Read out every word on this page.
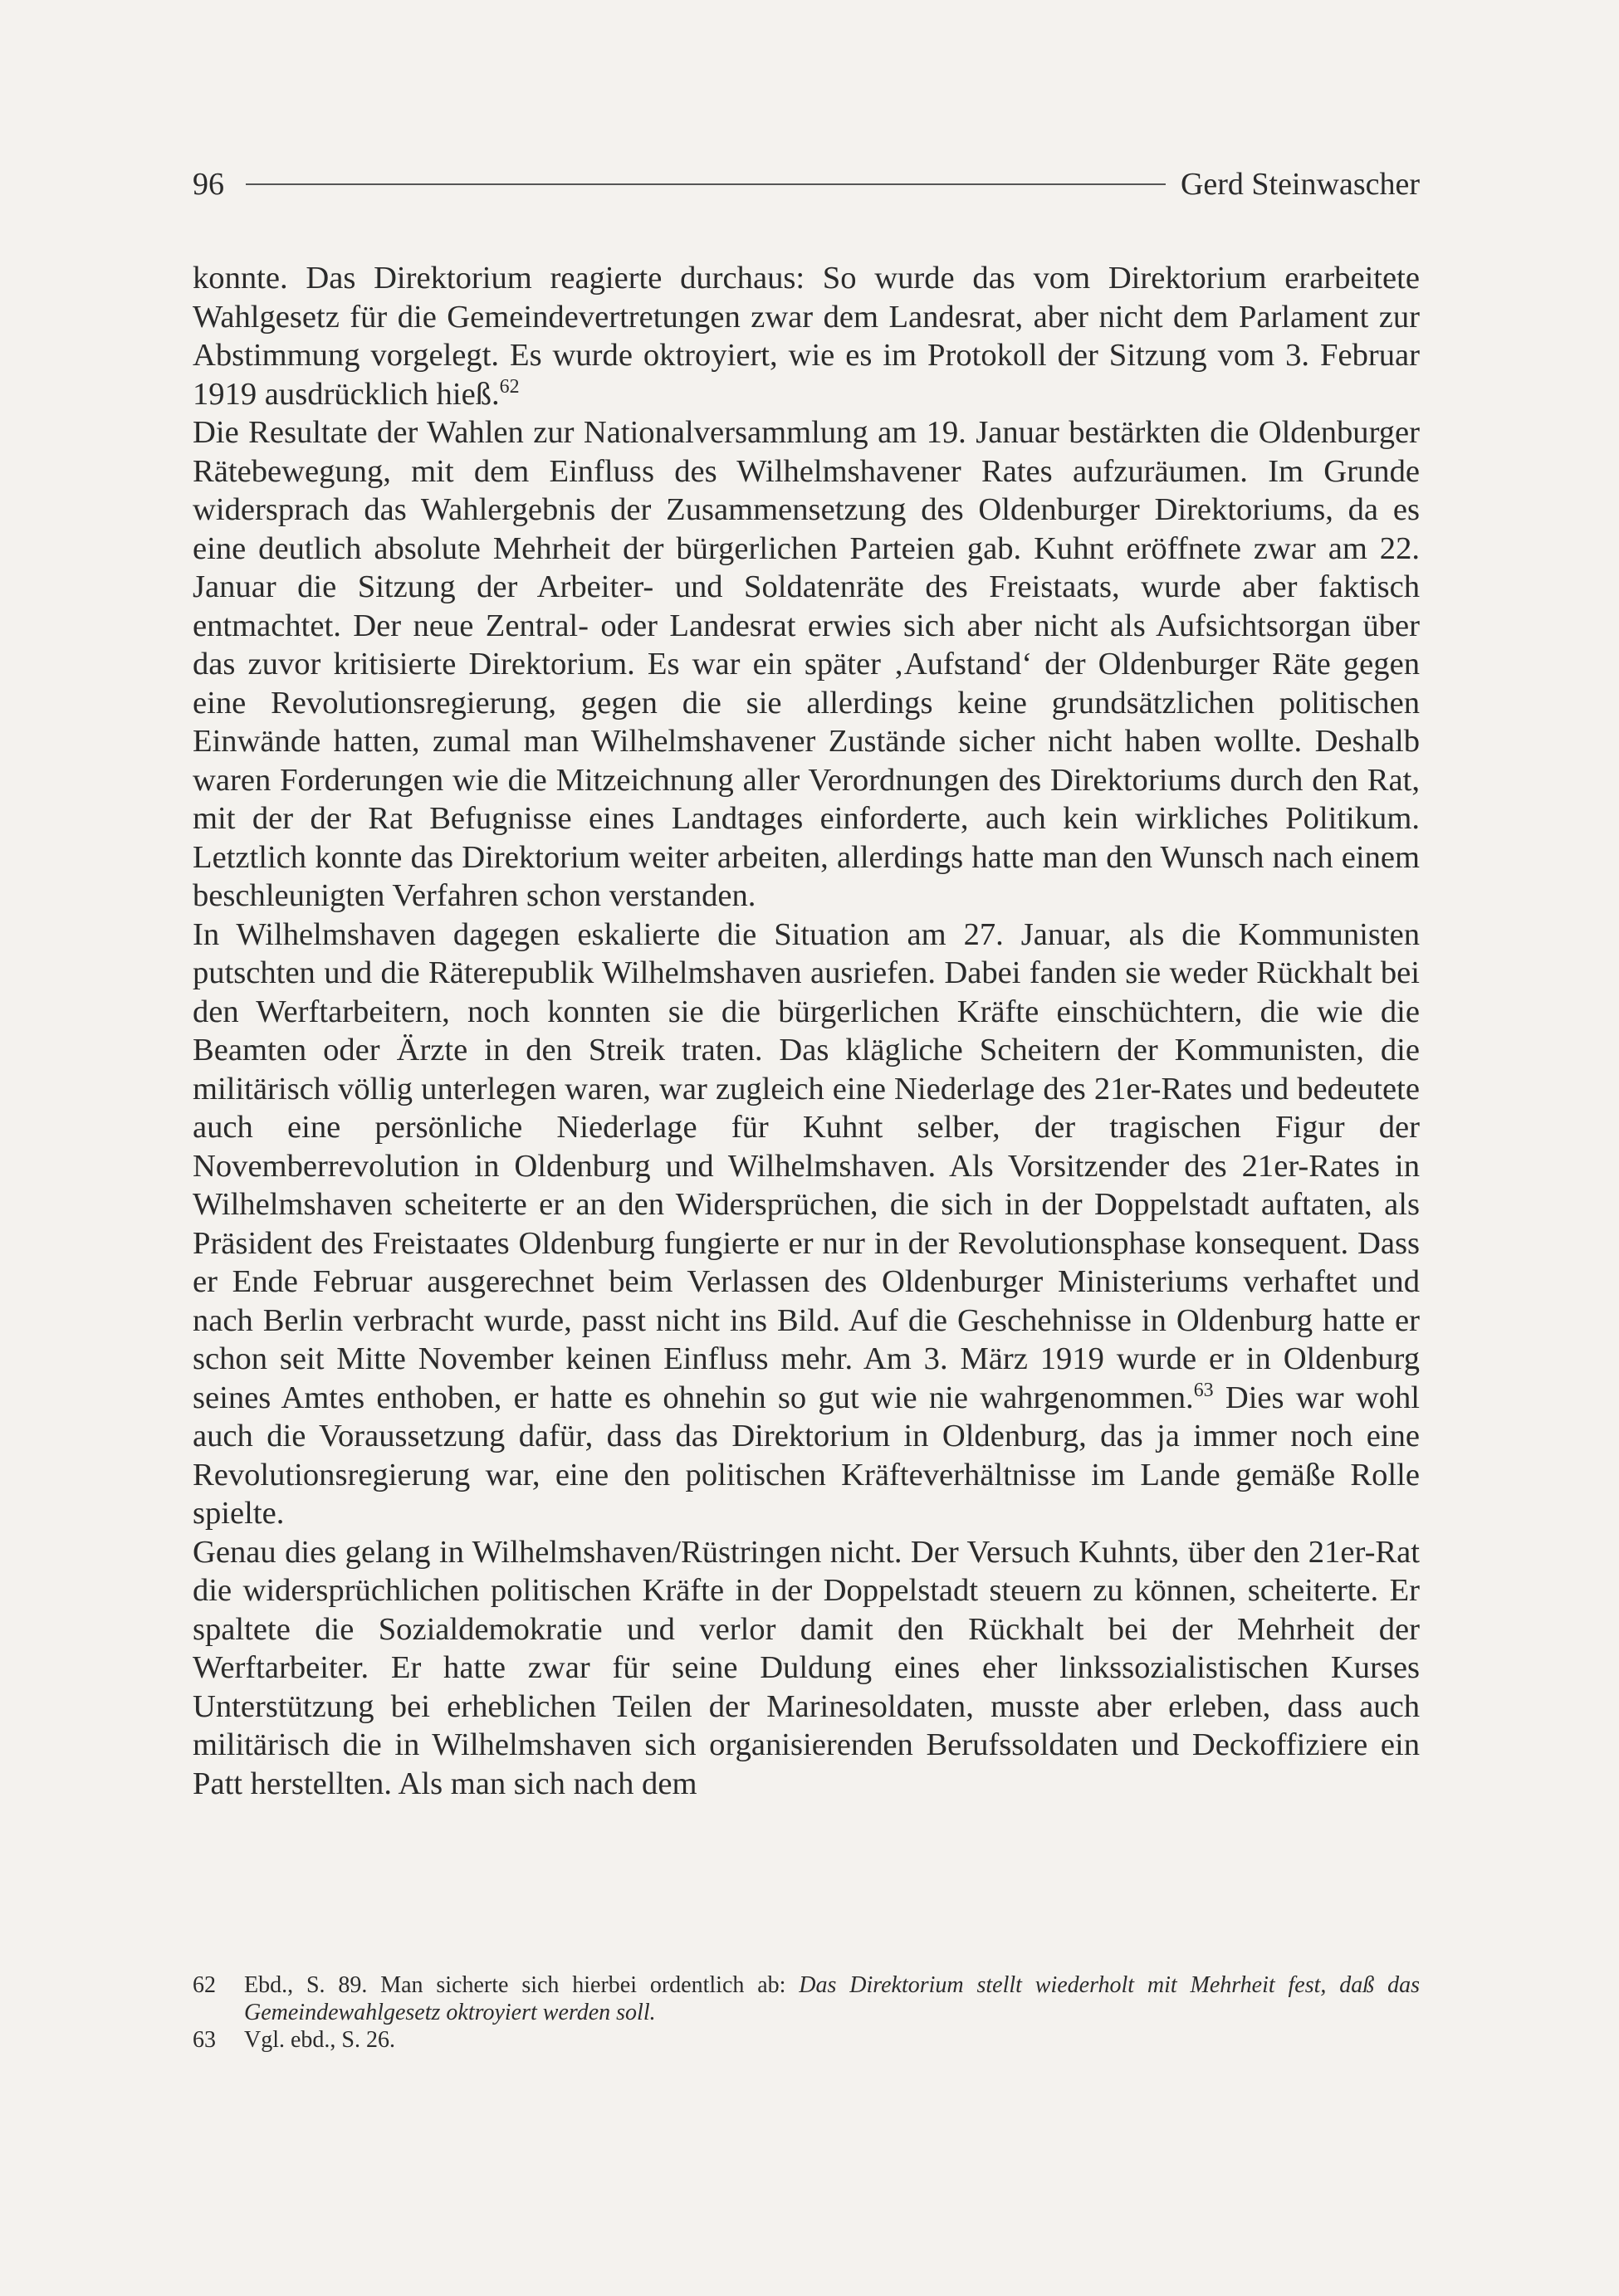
96	Gerd Steinwascher

konnte. Das Direktorium reagierte durchaus: So wurde das vom Direktorium erarbeitete Wahlgesetz für die Gemeindevertretungen zwar dem Landesrat, aber nicht dem Parlament zur Abstimmung vorgelegt. Es wurde oktroyiert, wie es im Protokoll der Sitzung vom 3. Februar 1919 ausdrücklich hieß.$^{62}$

Die Resultate der Wahlen zur Nationalversammlung am 19. Januar bestärkten die Oldenburger Rätebewegung, mit dem Einfluss des Wilhelmshavener Rates aufzuräumen. Im Grunde widersprach das Wahlergebnis der Zusammensetzung des Oldenburger Direktoriums, da es eine deutlich absolute Mehrheit der bürgerlichen Parteien gab. Kuhnt eröffnete zwar am 22. Januar die Sitzung der Arbeiter- und Soldatenräte des Freistaats, wurde aber faktisch entmachtet. Der neue Zentral- oder Landesrat erwies sich aber nicht als Aufsichtsorgan über das zuvor kritisierte Direktorium. Es war ein später ‚Aufstand‘ der Oldenburger Räte gegen eine Revolutionsregierung, gegen die sie allerdings keine grundsätzlichen politischen Einwände hatten, zumal man Wilhelmshavener Zustände sicher nicht haben wollte. Deshalb waren Forderungen wie die Mitzeichnung aller Verordnungen des Direktoriums durch den Rat, mit der der Rat Befugnisse eines Landtages einforderte, auch kein wirkliches Politikum. Letztlich konnte das Direktorium weiter arbeiten, allerdings hatte man den Wunsch nach einem beschleunigten Verfahren schon verstanden.

In Wilhelmshaven dagegen eskalierte die Situation am 27. Januar, als die Kommunisten putschten und die Räterepublik Wilhelmshaven ausriefen. Dabei fanden sie weder Rückhalt bei den Werftarbeitern, noch konnten sie die bürgerlichen Kräfte einschüchtern, die wie die Beamten oder Ärzte in den Streik traten. Das klägliche Scheitern der Kommunisten, die militärisch völlig unterlegen waren, war zugleich eine Niederlage des 21er-Rates und bedeutete auch eine persönliche Niederlage für Kuhnt selber, der tragischen Figur der Novemberrevolution in Oldenburg und Wilhelmshaven. Als Vorsitzender des 21er-Rates in Wilhelmshaven scheiterte er an den Widersprüchen, die sich in der Doppelstadt auftaten, als Präsident des Freistaates Oldenburg fungierte er nur in der Revolutionsphase konsequent. Dass er Ende Februar ausgerechnet beim Verlassen des Oldenburger Ministeriums verhaftet und nach Berlin verbracht wurde, passt nicht ins Bild. Auf die Geschehnisse in Oldenburg hatte er schon seit Mitte November keinen Einfluss mehr. Am 3. März 1919 wurde er in Oldenburg seines Amtes enthoben, er hatte es ohnehin so gut wie nie wahrgenommen.$^{63}$ Dies war wohl auch die Voraussetzung dafür, dass das Direktorium in Oldenburg, das ja immer noch eine Revolutionsregierung war, eine den politischen Kräfteverhältnisse im Lande gemäße Rolle spielte.

Genau dies gelang in Wilhelmshaven/Rüstringen nicht. Der Versuch Kuhnts, über den 21er-Rat die widersprüchlichen politischen Kräfte in der Doppelstadt steuern zu können, scheiterte. Er spaltete die Sozialdemokratie und verlor damit den Rückhalt bei der Mehrheit der Werftarbeiter. Er hatte zwar für seine Duldung eines eher linkssozialistischen Kurses Unterstützung bei erheblichen Teilen der Marinesoldaten, musste aber erleben, dass auch militärisch die in Wilhelmshaven sich organisierenden Berufssoldaten und Deckoffiziere ein Patt herstellten. Als man sich nach dem

62	Ebd., S. 89. Man sicherte sich hierbei ordentlich ab: Das Direktorium stellt wiederholt mit Mehrheit fest, daß das Gemeindewahlgesetz oktroyiert werden soll.
63	Vgl. ebd., S. 26.
